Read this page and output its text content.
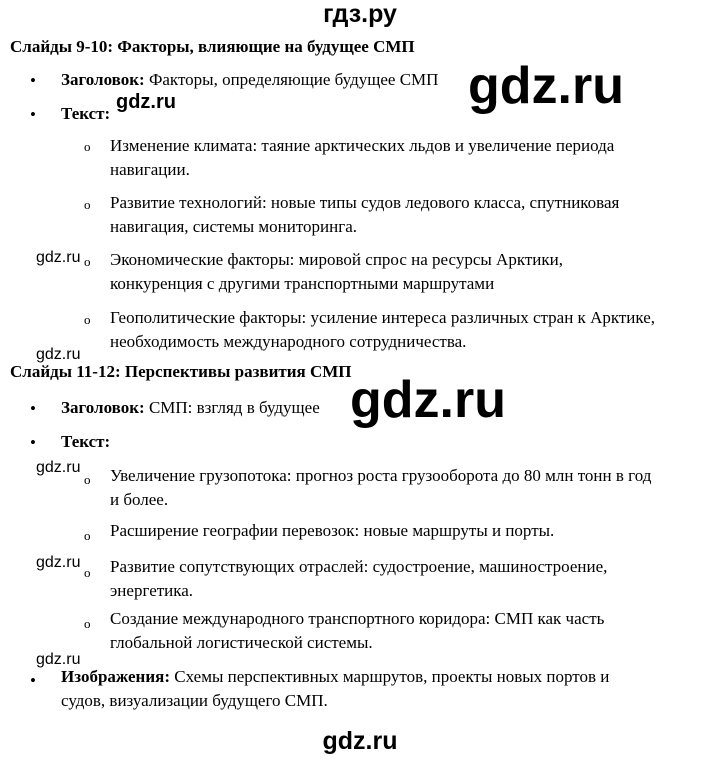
гдз.ру
Слайды 9-10: Факторы, влияющие на будущее СМП
• Заголовок: Факторы, определяющие будущее СМП
• Текст:
o Изменение климата: таяние арктических льдов и увеличение периода
навигации.
o Развитие технологий: новые типы судов ледового класса, спутниковая
навигация, системы мониторинга.
o Экономические факторы: мировой спрос на ресурсы Арктики,
конкуренция с другими транспортными маршрутами
o Геополитические факторы: усиление интереса различных стран к Арктике,
необходимость международного сотрудничества.
Слайды 11-12: Перспективы развития СМП
• Заголовок: СМП: взгляд в будущее
• Текст:
o Увеличение грузопотока: прогноз роста грузооборота до 80 млн тонн в год
и более.
o Расширение географии перевозок: новые маршруты и порты.
o Развитие сопутствующих отраслей: судостроение, машиностроение,
энергетика.
o Создание международного транспортного коридора: СМП как часть
глобальной логистической системы.
• Изображения: Схемы перспективных маршрутов, проекты новых портов и
судов, визуализации будущего СМП.
gdz.ru
gdz.ru
gdz.ru
gdz.ru
gdz.ru
gdz.ru
gdz.ru
gdz.ru
gdz.ru
